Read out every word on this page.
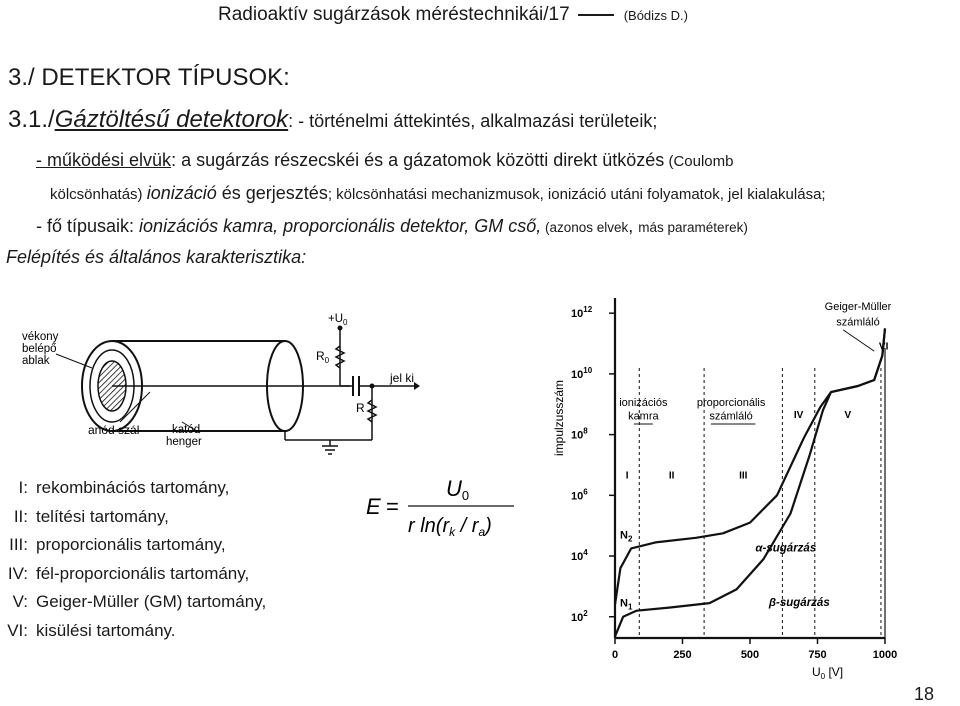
Radioaktív sugárzások méréstechnikái/17	(Bódizs D.)
3./ DETEKTOR TÍPUSOK:
3.1./Gáztöltésű detektorok: - történelmi áttekintés, alkalmazási területeik;
- működési elvük: a sugárzás részecskéi és a gázatomok közötti direkt ütközés (Coulomb
kölcsönhatás) ionizáció és gerjesztés; kölcsönhatási mechanizmusok, ionizáció utáni folyamatok, jel kialakulása;
- fő típusaik: ionizációs kamra, proporcionális detektor, GM cső, (azonos elvek, más paraméterek)
Felépítés és általános karakterisztika:
vékony
belépő
ablak
$+U_0$
$R_0$
R
jel ki
anód szál	katód
henger
I: rekombinációs tartomány,
II: telítési tartomány,
III: proporcionális tartomány,
IV: fél-proporcionális tartomány,
V: Geiger-Müller (GM) tartomány,
VI: kisülési tartomány.
E =
U0
r $\ln(r_k / r_a)$
$10^2$
$10^4$
$10^6$
$10^8$
$10^{10}$
$10^{12}$
0	250	500	750	1000
I	II	III
IV	V
VI
α-sugárzás
β-sugárzás
$N_2$
$N_1$
impulzusszám
$U_0$ [V]
Geiger-Müller
számláló
ionizációs
kamra
proporcionális
számláló
18
